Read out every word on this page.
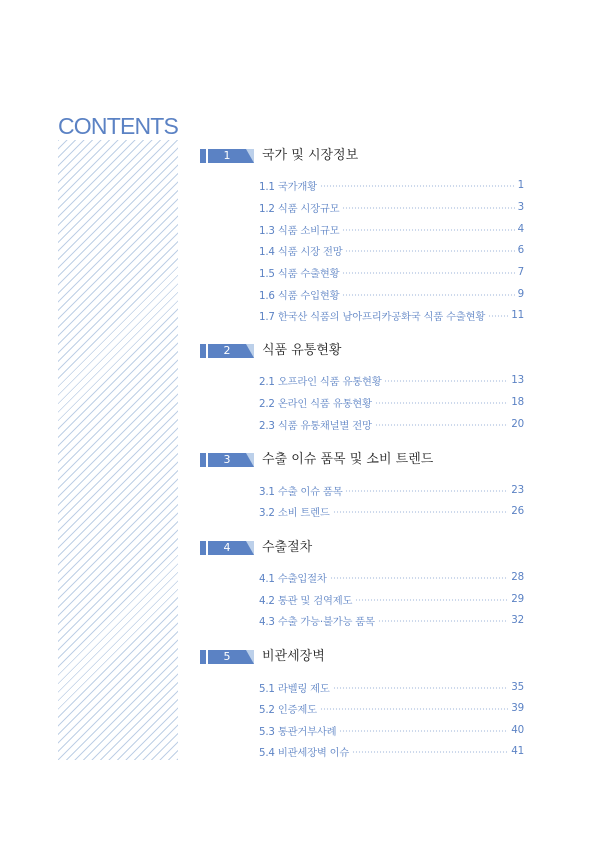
CONTENTS
1	국가 및 시장정보
1.1 국가개황	1
1.2 식품 시장규모	3
1.3 식품 소비규모	4
1.4 식품 시장 전망	6
1.5 식품 수출현황	7
1.6 식품 수입현황	9
1.7 한국산 식품의 남아프리카공화국 식품 수출현황	11
2	식품 유통현황
2.1 오프라인 식품 유통현황	13
2.2 온라인 식품 유통현황	18
2.3 식품 유통채널별 전망	20
3	수출 이슈 품목 및 소비 트렌드
3.1 수출 이슈 품목	23
3.2 소비 트렌드	26
4	수출절차
4.1 수출입절차	28
4.2 통관 및 검역제도	29
4.3 수출 가능·불가능 품목	32
5	비관세장벽
5.1 라벨링 제도	35
5.2 인증제도	39
5.3 통관거부사례	40
5.4 비관세장벽 이슈	41
